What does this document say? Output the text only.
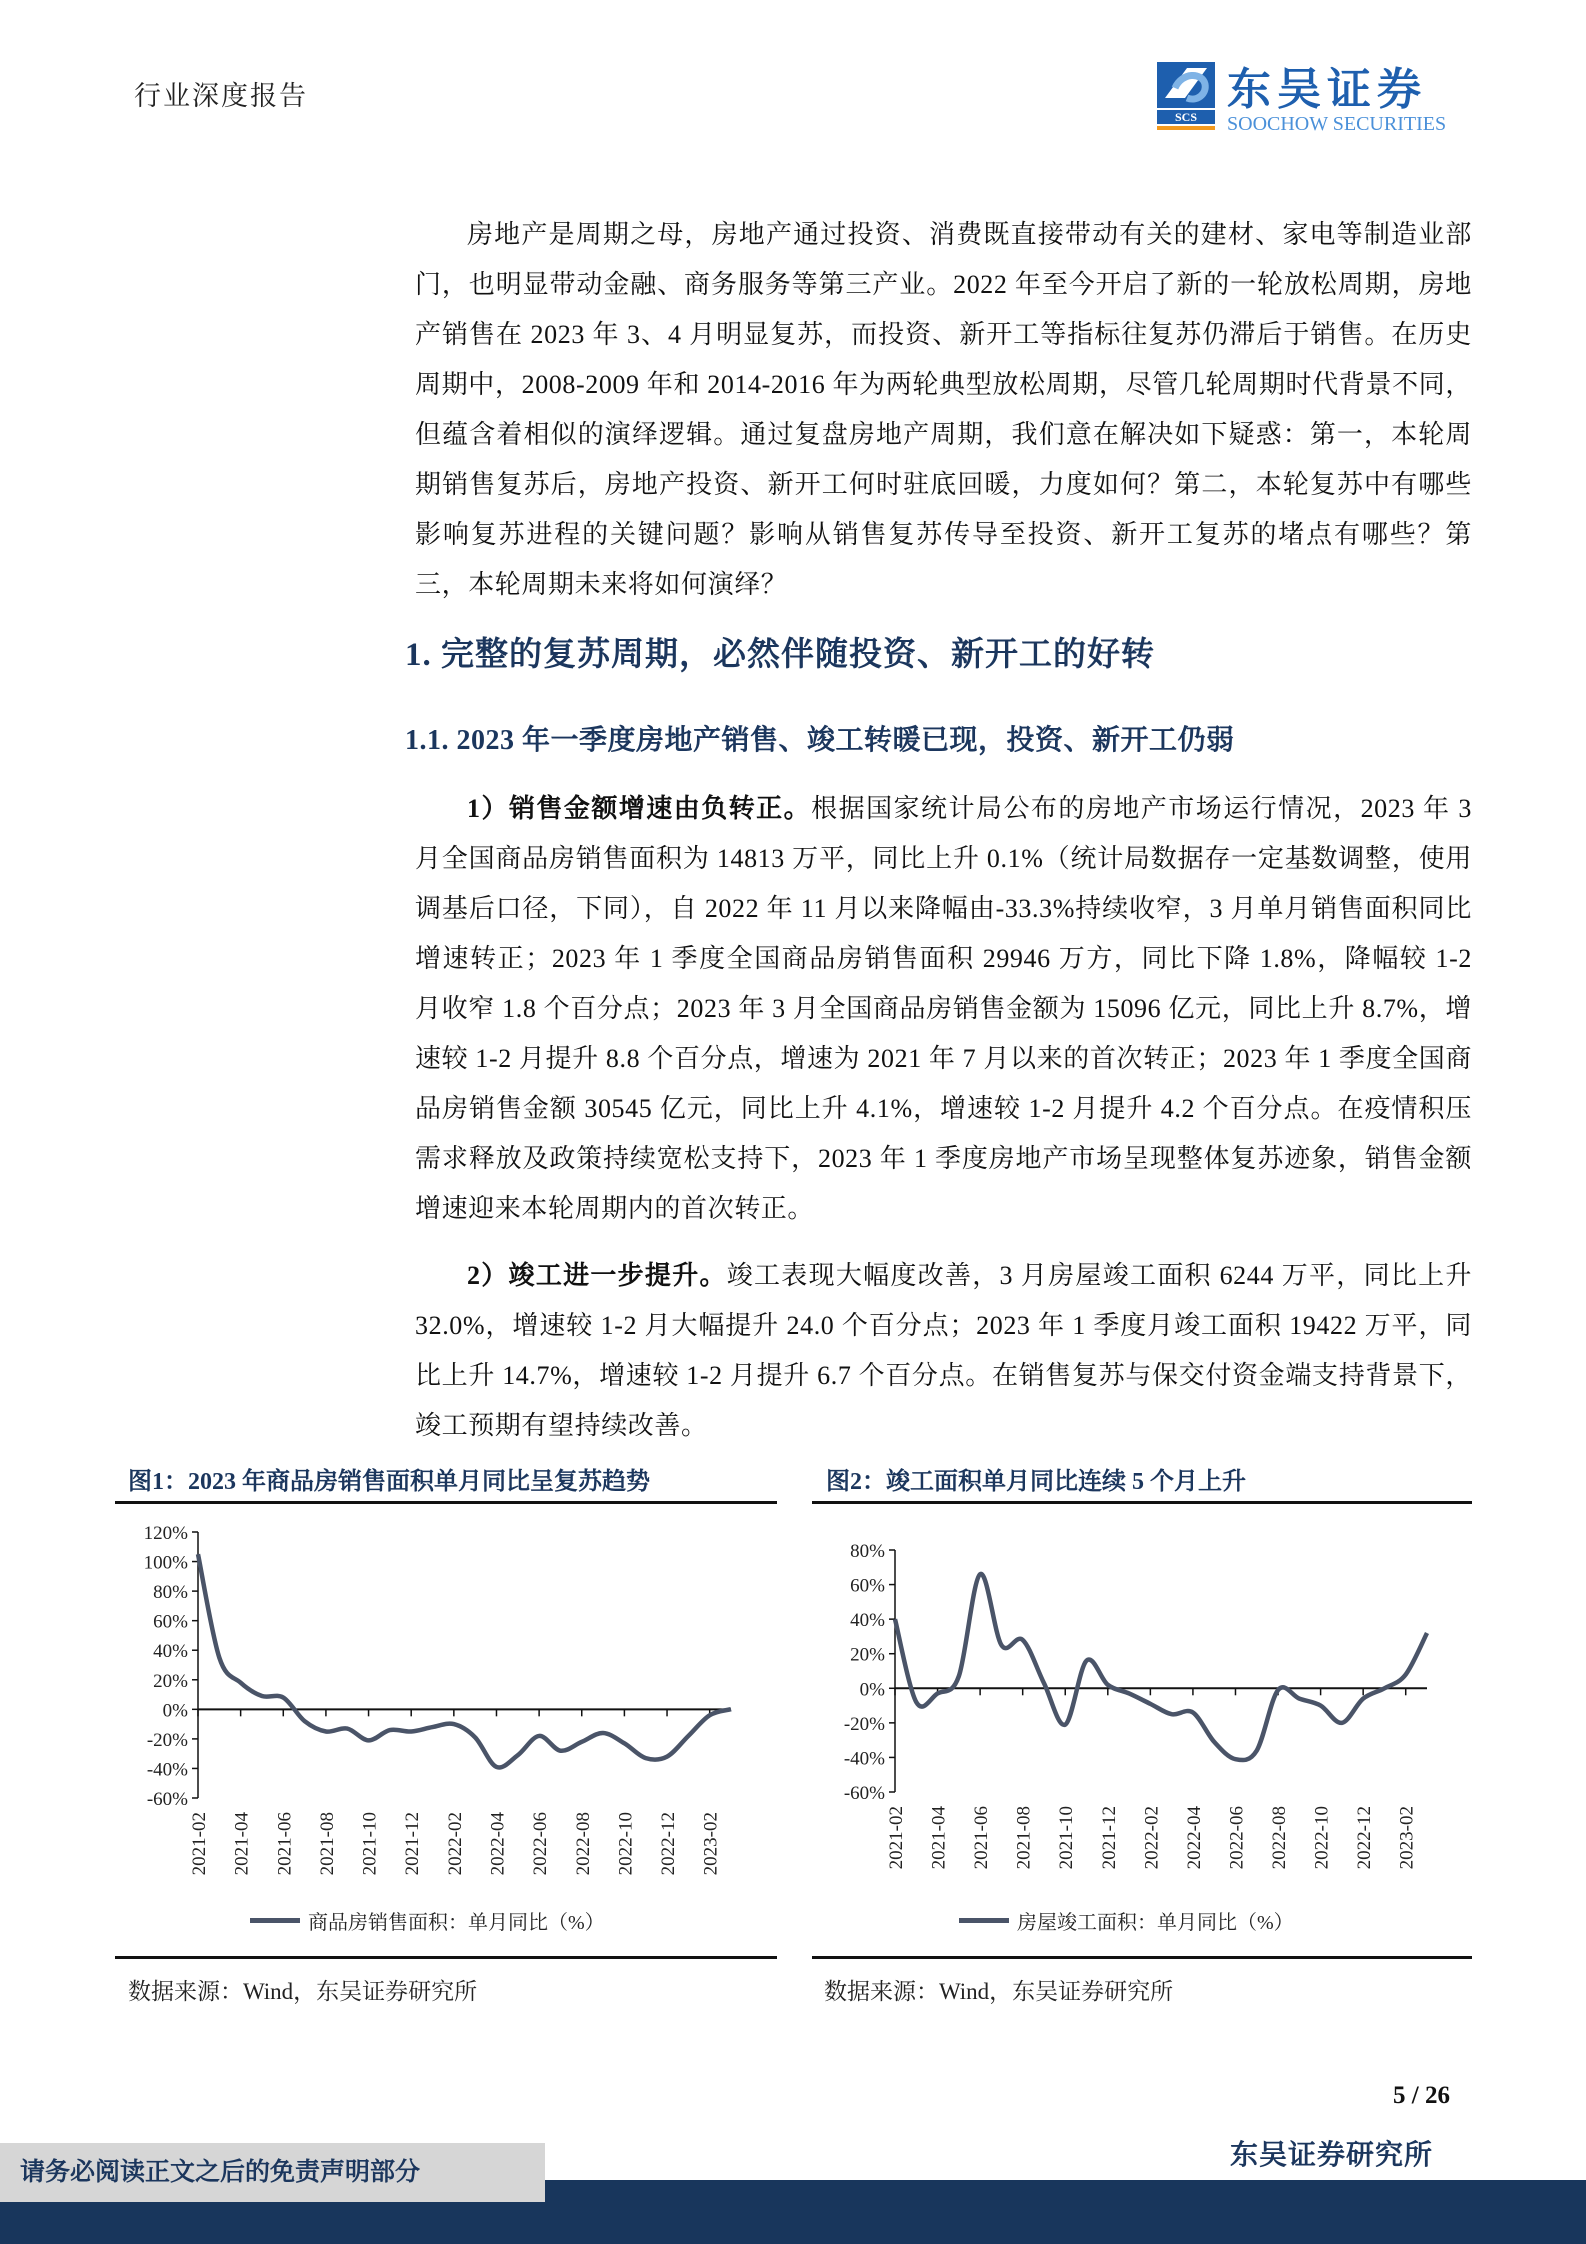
行业深度报告
SCS
东吴证券
SOOCHOW SECURITIES
房地产是周期之母，房地产通过投资、消费既直接带动有关的建材、家电等制造业部门，也明显带动金融、商务服务等第三产业。2022 年至今开启了新的一轮放松周期，房地产销售在 2023 年 3、4 月明显复苏，而投资、新开工等指标往复苏仍滞后于销售。在历史周期中，2008-2009 年和 2014-2016 年为两轮典型放松周期，尽管几轮周期时代背景不同，但蕴含着相似的演绎逻辑。通过复盘房地产周期，我们意在解决如下疑惑：第一，本轮周期销售复苏后，房地产投资、新开工何时驻底回暖，力度如何？第二，本轮复苏中有哪些影响复苏进程的关键问题？影响从销售复苏传导至投资、新开工复苏的堵点有哪些？第三，本轮周期未来将如何演绎？
1. 完整的复苏周期，必然伴随投资、新开工的好转
1.1. 2023 年一季度房地产销售、竣工转暖已现，投资、新开工仍弱
1）销售金额增速由负转正。根据国家统计局公布的房地产市场运行情况，2023 年 3 月全国商品房销售面积为 14813 万平，同比上升 0.1%（统计局数据存一定基数调整，使用调基后口径，下同），自 2022 年 11 月以来降幅由-33.3%持续收窄，3 月单月销售面积同比增速转正；2023 年 1 季度全国商品房销售面积 29946 万方，同比下降 1.8%，降幅较 1-2 月收窄 1.8 个百分点；2023 年 3 月全国商品房销售金额为 15096 亿元，同比上升 8.7%，增速较 1-2 月提升 8.8 个百分点，增速为 2021 年 7 月以来的首次转正；2023 年 1 季度全国商品房销售金额 30545 亿元，同比上升 4.1%，增速较 1-2 月提升 4.2 个百分点。在疫情积压需求释放及政策持续宽松支持下，2023 年 1 季度房地产市场呈现整体复苏迹象，销售金额增速迎来本轮周期内的首次转正。
2）竣工进一步提升。竣工表现大幅度改善，3 月房屋竣工面积 6244 万平，同比上升 32.0%，增速较 1-2 月大幅提升 24.0 个百分点；2023 年 1 季度月竣工面积 19422 万平，同比上升 14.7%，增速较 1-2 月提升 6.7 个百分点。在销售复苏与保交付资金端支持背景下，竣工预期有望持续改善。
图1：2023 年商品房销售面积单月同比呈复苏趋势
120%
100%
80%
60%
40%
20%
0%
-20%
-40%
-60%
2021-02 2021-04 2021-06 2021-08 2021-10 2021-12 2022-02 2022-04 2022-06 2022-08 2022-10 2022-12 2023-02
商品房销售面积：单月同比（%）
数据来源：Wind，东吴证券研究所
图2：竣工面积单月同比连续 5 个月上升
80%
60%
40%
20%
0%
-20%
-40%
-60%
2021-02 2021-04 2021-06 2021-08 2021-10 2021-12 2022-02 2022-04 2022-06 2022-08 2022-10 2022-12 2023-02
房屋竣工面积：单月同比（%）
数据来源：Wind，东吴证券研究所
5 / 26
东吴证券研究所
请务必阅读正文之后的免责声明部分
